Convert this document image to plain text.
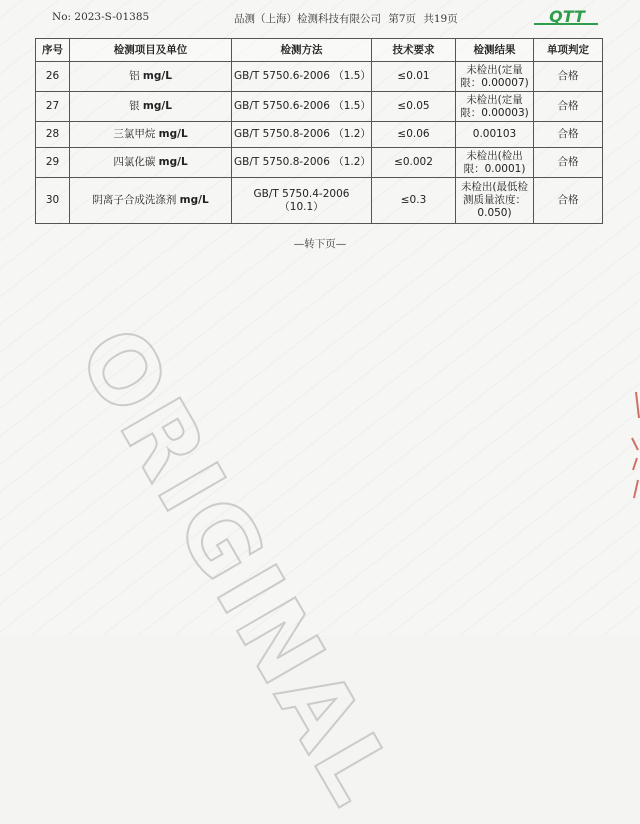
No: 2023-S-01385	品测（上海）检测科技有限公司 第7页 共19页	QTT
序号	检测项目及单位	检测方法	技术要求	检测结果	单项判定
26	铝 mg/L	GB/T 5750.6-2006 （1.5）	≤0.01	未检出(定量
限：0.00007)	合格
27	银 mg/L	GB/T 5750.6-2006 （1.5）	≤0.05	未检出(定量
限：0.00003)	合格
28	三氯甲烷 mg/L	GB/T 5750.8-2006 （1.2）	≤0.06	0.00103	合格
29	四氯化碳 mg/L	GB/T 5750.8-2006 （1.2）	≤0.002	未检出(检出
限：0.0001)	合格
30	阴离子合成洗涤剂 mg/L	GB/T 5750.4-2006 （10.1）	≤0.3	未检出(最低检
测质量浓度：
0.050)	合格
—转下页—
ORIGINAL
